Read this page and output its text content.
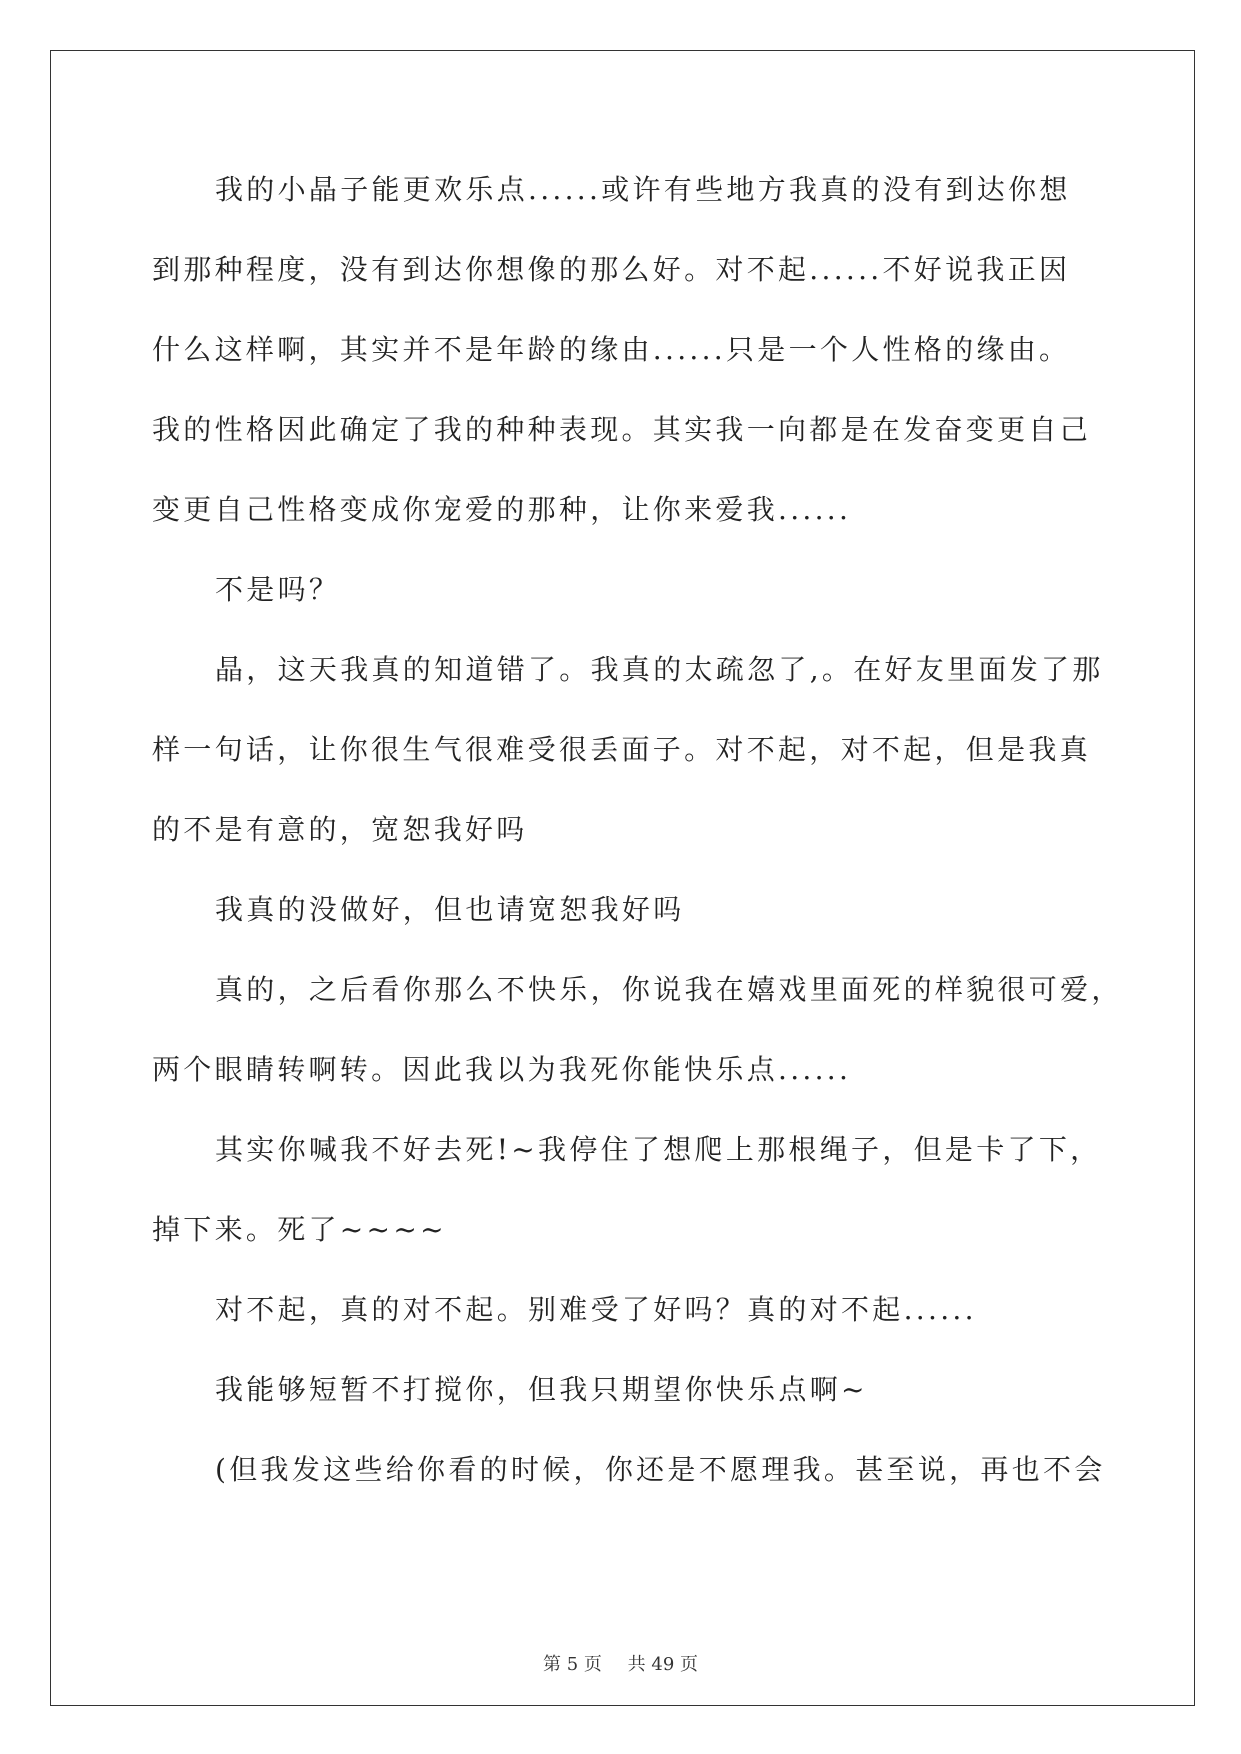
我的小晶子能更欢乐点......或许有些地方我真的没有到达你想
到那种程度，没有到达你想像的那么好。对不起......不好说我正因
什么这样啊，其实并不是年龄的缘由......只是一个人性格的缘由。
我的性格因此确定了我的种种表现。其实我一向都是在发奋变更自己
变更自己性格变成你宠爱的那种，让你来爱我......
不是吗？
晶，这天我真的知道错了。我真的太疏忽了,。在好友里面发了那
样一句话，让你很生气很难受很丢面子。对不起，对不起，但是我真
的不是有意的，宽恕我好吗
我真的没做好，但也请宽恕我好吗
真的，之后看你那么不快乐，你说我在嬉戏里面死的样貌很可爱，
两个眼睛转啊转。因此我以为我死你能快乐点......
其实你喊我不好去死!~我停住了想爬上那根绳子，但是卡了下，
掉下来。死了~~~~
对不起，真的对不起。别难受了好吗？真的对不起......
我能够短暂不打搅你，但我只期望你快乐点啊~
(但我发这些给你看的时候，你还是不愿理我。甚至说，再也不会
第 5 页 共 49 页
